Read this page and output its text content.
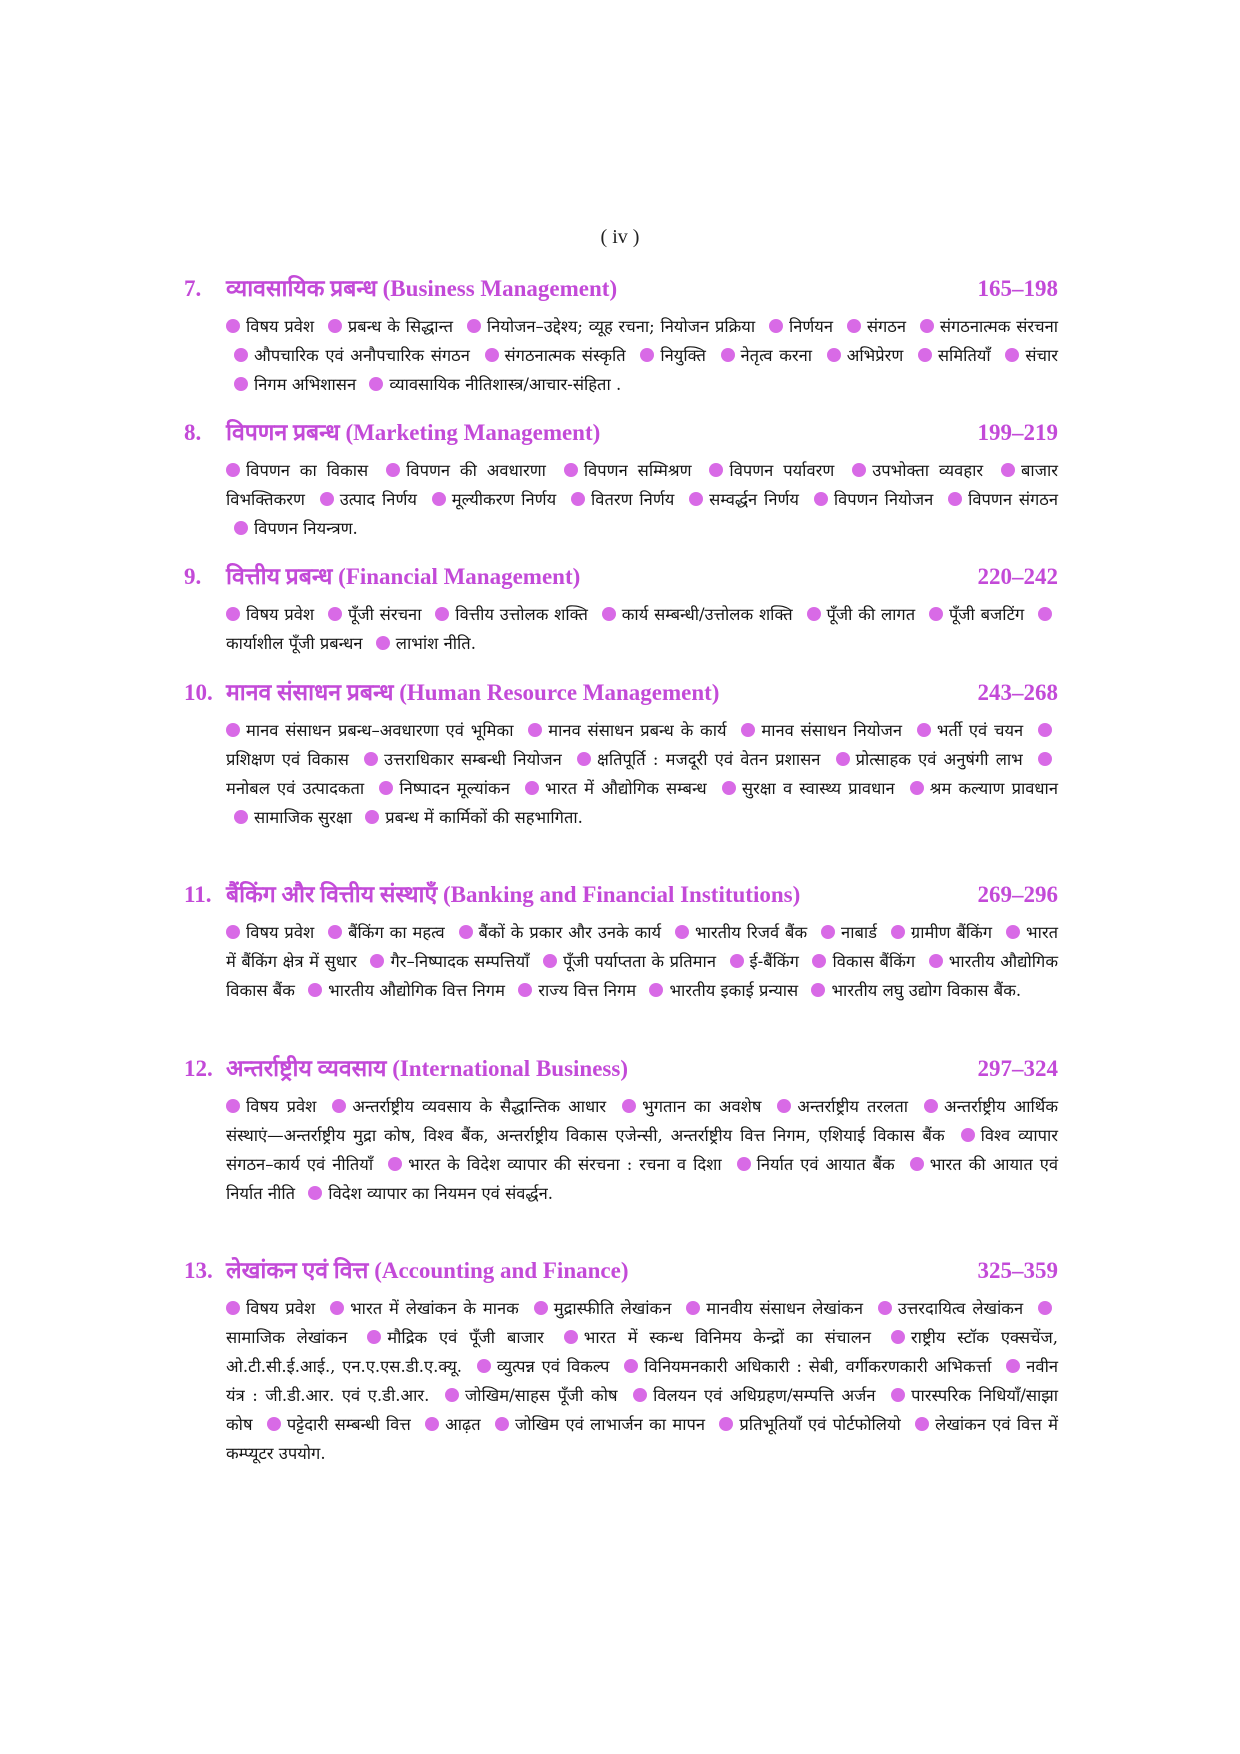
( iv )
7. व्यावसायिक प्रबन्ध (Business Management)	165–198
विषय प्रवेश प्रबन्ध के सिद्धान्त नियोजन–उद्देश्य; व्यूह रचना; नियोजन प्रक्रिया निर्णयन संगठन संगठनात्मक संरचना औपचारिक एवं अनौपचारिक संगठन संगठनात्मक संस्कृति नियुक्ति नेतृत्व करना अभिप्रेरण समितियाँ संचार निगम अभिशासन व्यावसायिक नीतिशास्त्र/आचार-संहिता .
8. विपणन प्रबन्ध (Marketing Management)	199–219
विपणन का विकास विपणन की अवधारणा विपणन सम्मिश्रण विपणन पर्यावरण उपभोक्ता व्यवहार बाजार विभक्तिकरण उत्पाद निर्णय मूल्यीकरण निर्णय वितरण निर्णय सम्वर्द्धन निर्णय विपणन नियोजन विपणन संगठन विपणन नियन्त्रण.
9. वित्तीय प्रबन्ध (Financial Management)	220–242
विषय प्रवेश पूँजी संरचना वित्तीय उत्तोलक शक्ति कार्य सम्बन्धी/उत्तोलक शक्ति पूँजी की लागत पूँजी बजटिंग कार्याशील पूँजी प्रबन्धन लाभांश नीति.
10. मानव संसाधन प्रबन्ध (Human Resource Management)	243–268
मानव संसाधन प्रबन्ध–अवधारणा एवं भूमिका मानव संसाधन प्रबन्ध के कार्य मानव संसाधन नियोजन भर्ती एवं चयन प्रशिक्षण एवं विकास उत्तराधिकार सम्बन्धी नियोजन क्षतिपूर्ति : मजदूरी एवं वेतन प्रशासन प्रोत्साहक एवं अनुषंगी लाभ मनोबल एवं उत्पादकता निष्पादन मूल्यांकन भारत में औद्योगिक सम्बन्ध सुरक्षा व स्वास्थ्य प्रावधान श्रम कल्याण प्रावधान सामाजिक सुरक्षा प्रबन्ध में कार्मिकों की सहभागिता.
11. बैंकिंग और वित्तीय संस्थाएँ (Banking and Financial Institutions)	269–296
विषय प्रवेश बैंकिंग का महत्व बैंकों के प्रकार और उनके कार्य भारतीय रिजर्व बैंक नाबार्ड ग्रामीण बैंकिंग भारत में बैंकिंग क्षेत्र में सुधार गैर–निष्पादक सम्पत्तियाँ पूँजी पर्याप्तता के प्रतिमान ई-बैंकिंग विकास बैंकिंग भारतीय औद्योगिक विकास बैंक भारतीय औद्योगिक वित्त निगम राज्य वित्त निगम भारतीय इकाई प्रन्यास भारतीय लघु उद्योग विकास बैंक.
12. अन्तर्राष्ट्रीय व्यवसाय (International Business)	297–324
विषय प्रवेश अन्तर्राष्ट्रीय व्यवसाय के सैद्धान्तिक आधार भुगतान का अवशेष अन्तर्राष्ट्रीय तरलता अन्तर्राष्ट्रीय आर्थिक संस्थाएं—अन्तर्राष्ट्रीय मुद्रा कोष, विश्व बैंक, अन्तर्राष्ट्रीय विकास एजेन्सी, अन्तर्राष्ट्रीय वित्त निगम, एशियाई विकास बैंक विश्व व्यापार संगठन–कार्य एवं नीतियाँ भारत के विदेश व्यापार की संरचना : रचना व दिशा निर्यात एवं आयात बैंक भारत की आयात एवं निर्यात नीति विदेश व्यापार का नियमन एवं संवर्द्धन.
13. लेखांकन एवं वित्त (Accounting and Finance)	325–359
विषय प्रवेश भारत में लेखांकन के मानक मुद्रास्फीति लेखांकन मानवीय संसाधन लेखांकन उत्तरदायित्व लेखांकन सामाजिक लेखांकन मौद्रिक एवं पूँजी बाजार भारत में स्कन्ध विनिमय केन्द्रों का संचालन राष्ट्रीय स्टॉक एक्सचेंज, ओ.टी.सी.ई.आई., एन.ए.एस.डी.ए.क्यू. व्युत्पन्न एवं विकल्प विनियमनकारी अधिकारी : सेबी, वर्गीकरणकारी अभिकर्त्ता नवीन यंत्र : जी.डी.आर. एवं ए.डी.आर. जोखिम/साहस पूँजी कोष विलयन एवं अधिग्रहण/सम्पत्ति अर्जन पारस्परिक निधियाँ/साझा कोष पट्टेदारी सम्बन्धी वित्त आढ़त जोखिम एवं लाभार्जन का मापन प्रतिभूतियाँ एवं पोर्टफोलियो लेखांकन एवं वित्त में कम्प्यूटर उपयोग.
